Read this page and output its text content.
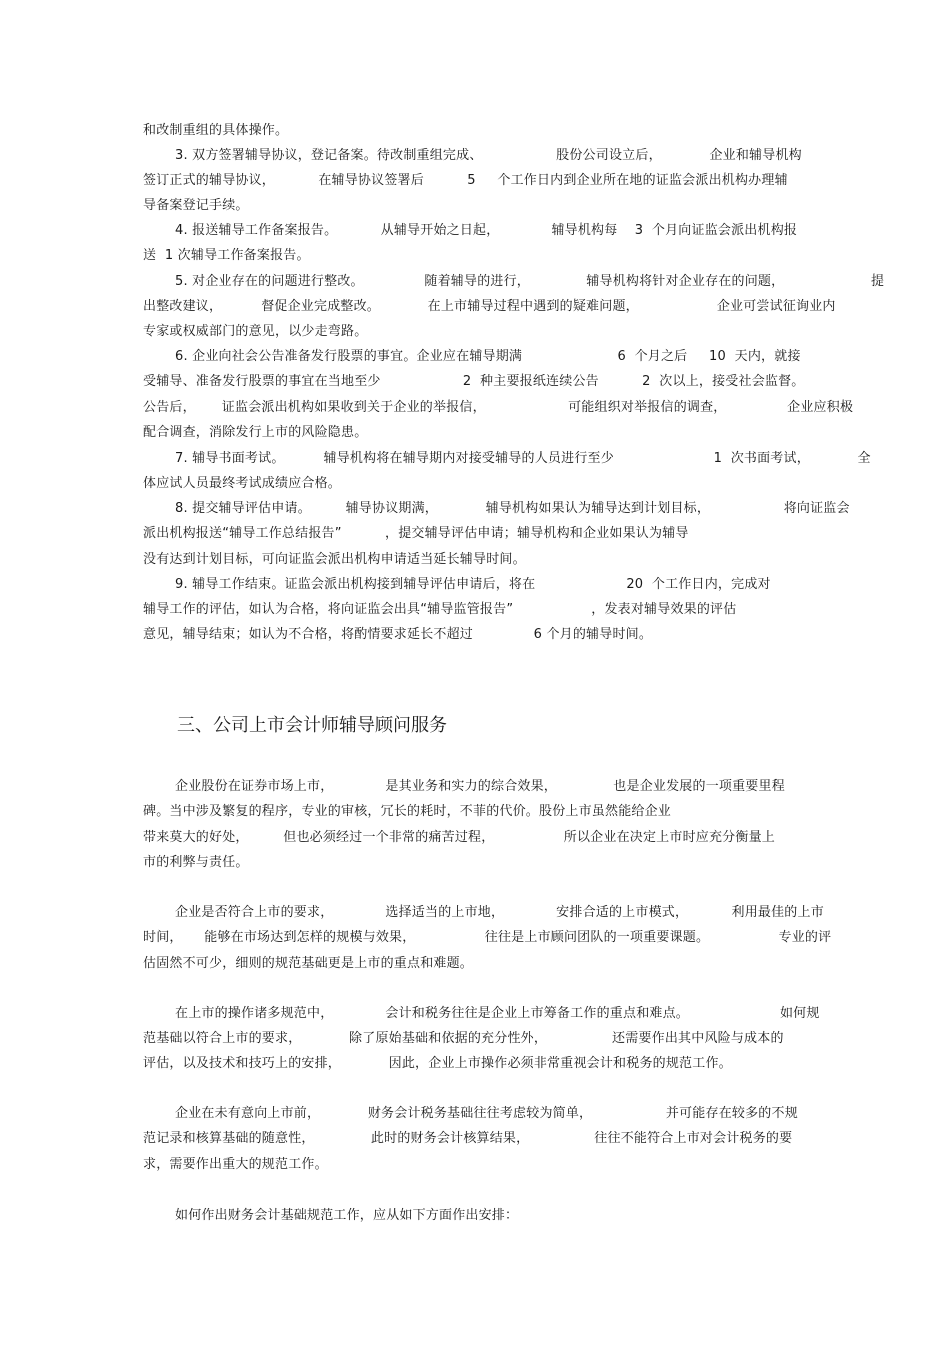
和改制重组的具体操作。
3. 双方签署辅导协议，登记备案。待改制重组完成、                 股份公司设立后，           企业和辅导机构
签订正式的辅导协议，          在辅导协议签署后          5     个工作日内到企业所在地的证监会派出机构办理辅
导备案登记手续。
4. 报送辅导工作备案报告。          从辅导开始之日起，            辅导机构每    3  个月向证监会派出机构报
送  1 次辅导工作备案报告。
5. 对企业存在的问题进行整改。              随着辅导的进行，             辅导机构将针对企业存在的问题，                    提
出整改建议，         督促企业完成整改。           在上市辅导过程中遇到的疑难问题，                  企业可尝试征询业内
专家或权威部门的意见，以少走弯路。
6. 企业向社会公告准备发行股票的事宜。企业应在辅导期满                      6  个月之后     10  天内，就接
受辅导、准备发行股票的事宜在当地至少                   2  种主要报纸连续公告          2  次以上，接受社会监督。
公告后，      证监会派出机构如果收到关于企业的举报信，                   可能组织对举报信的调查，              企业应积极
配合调查，消除发行上市的风险隐患。
7. 辅导书面考试。         辅导机构将在辅导期内对接受辅导的人员进行至少                       1  次书面考试，           全
体应试人员最终考试成绩应合格。
8. 提交辅导评估申请。        辅导协议期满，           辅导机构如果认为辅导达到计划目标，                 将向证监会
派出机构报送“辅导工作总结报告”          ，提交辅导评估申请；辅导机构和企业如果认为辅导
没有达到计划目标，可向证监会派出机构申请适当延长辅导时间。
9. 辅导工作结束。证监会派出机构接到辅导评估申请后，将在                     20  个工作日内，完成对
辅导工作的评估，如认为合格，将向证监会出具“辅导监管报告”                  ，发表对辅导效果的评估
意见，辅导结束；如认为不合格，将酌情要求延长不超过              6 个月的辅导时间。
三、公司上市会计师辅导顾问服务
企业股份在证券市场上市，            是其业务和实力的综合效果，             也是企业发展的一项重要里程
碑。当中涉及繁复的程序，专业的审核，冗长的耗时，不菲的代价。股份上市虽然能给企业
带来莫大的好处，        但也必须经过一个非常的痛苦过程，                所以企业在决定上市时应充分衡量上
市的利弊与责任。
企业是否符合上市的要求，            选择适当的上市地，            安排合适的上市模式，          利用最佳的上市
时间，     能够在市场达到怎样的规模与效果，                往往是上市顾问团队的一项重要课题。                专业的评
估固然不可少，细则的规范基础更是上市的重点和难题。
在上市的操作诸多规范中，            会计和税务往往是企业上市筹备工作的重点和难点。                     如何规
范基础以符合上市的要求，           除了原始基础和依据的充分性外，               还需要作出其中风险与成本的
评估，以及技术和技巧上的安排，           因此，企业上市操作必须非常重视会计和税务的规范工作。
企业在未有意向上市前，           财务会计税务基础往往考虑较为简单，                 并可能存在较多的不规
范记录和核算基础的随意性，             此时的财务会计核算结果，               往往不能符合上市对会计税务的要
求，需要作出重大的规范工作。
如何作出财务会计基础规范工作，应从如下方面作出安排：
